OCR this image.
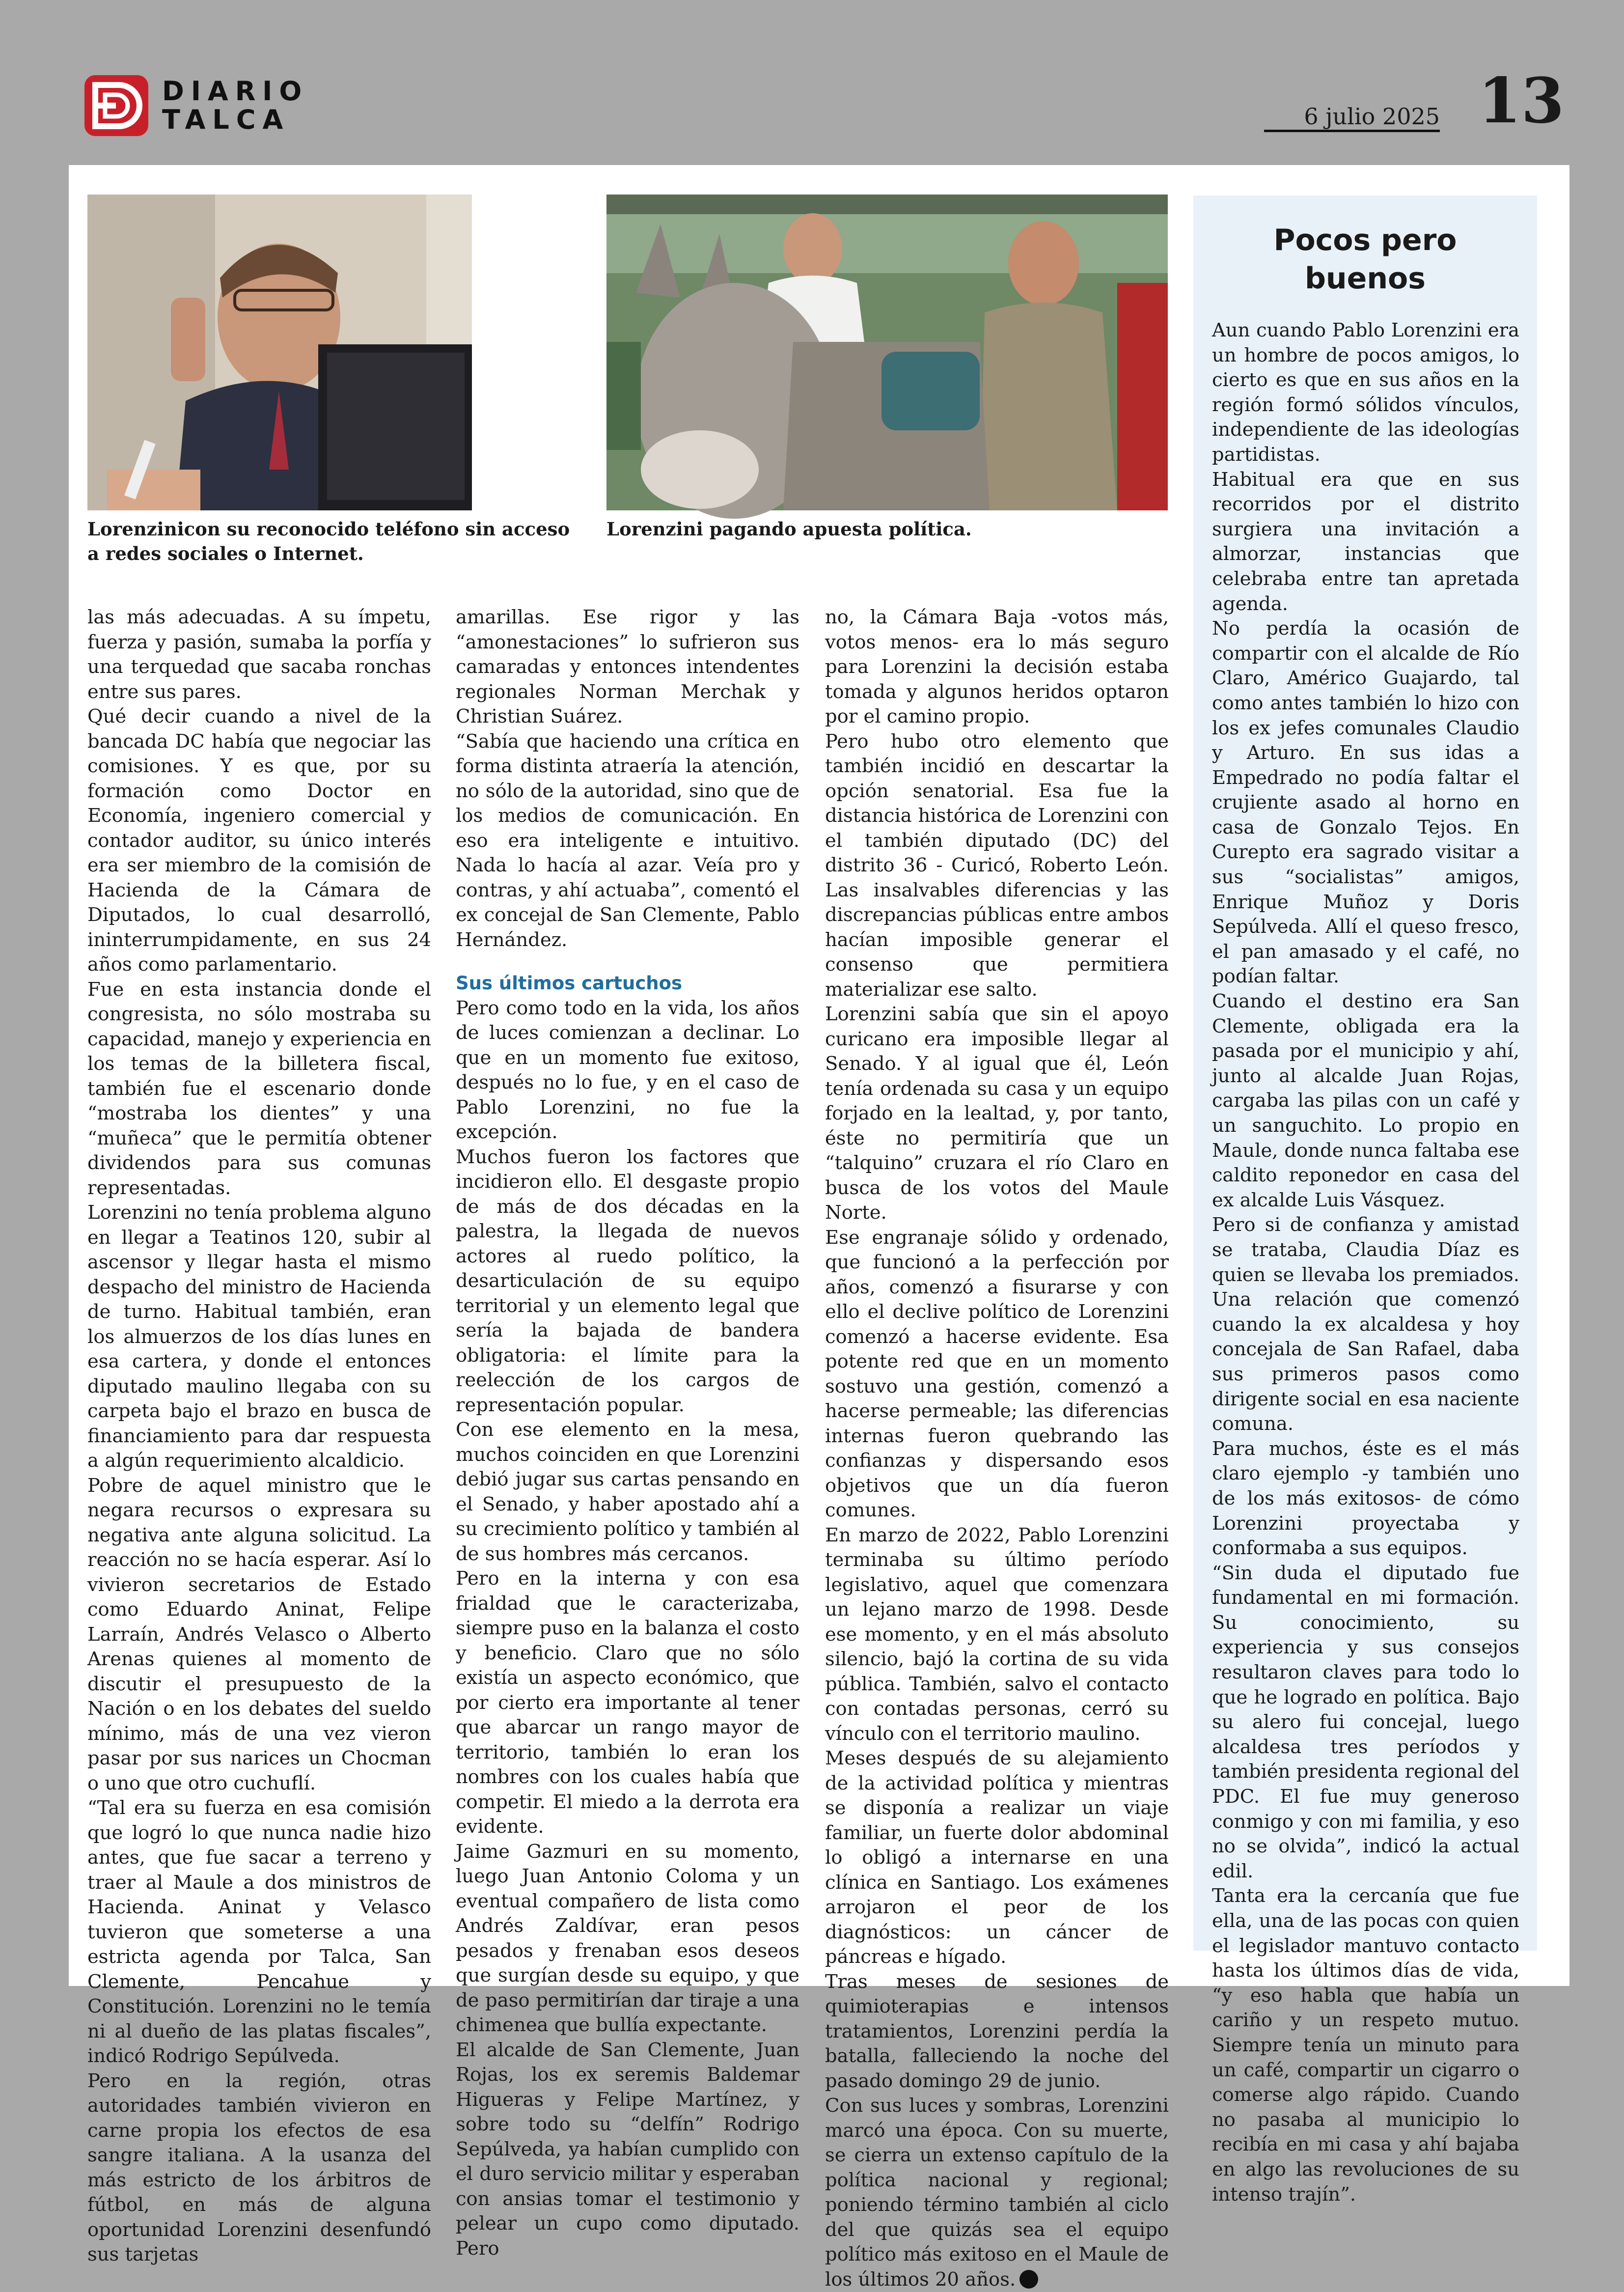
DIARIO
TALCA	6 julio 2025 13
Lorenzinicon su reconocido teléfono sin acceso a redes sociales o Internet.
Lorenzini pagando apuesta política.

las más adecuadas. A su ímpetu, fuerza y pasión, sumaba la porfía y una terquedad que sacaba ronchas entre sus pares.

Qué decir cuando a nivel de la bancada DC había que negociar las comisiones. Y es que, por su formación como Doctor en Economía, ingeniero comercial y contador auditor, su único interés era ser miembro de la comisión de Hacienda de la Cámara de Diputados, lo cual desarrolló, ininterrumpidamente, en sus 24 años como parlamentario.

Fue en esta instancia donde el congresista, no sólo mostraba su capacidad, manejo y experiencia en los temas de la billetera fiscal, también fue el escenario donde “mostraba los dientes” y una “muñeca” que le permitía obtener dividendos para sus comunas representadas.

Lorenzini no tenía problema alguno en llegar a Teatinos 120, subir al ascensor y llegar hasta el mismo despacho del ministro de Hacienda de turno. Habitual también, eran los almuerzos de los días lunes en esa cartera, y donde el entonces diputado maulino llegaba con su carpeta bajo el brazo en busca de financiamiento para dar respuesta a algún requerimiento alcaldicio.

Pobre de aquel ministro que le negara recursos o expresara su negativa ante alguna solicitud. La reacción no se hacía esperar. Así lo vivieron secretarios de Estado como Eduardo Aninat, Felipe Larraín, Andrés Velasco o Alberto Arenas quienes al momento de discutir el presupuesto de la Nación o en los debates del sueldo mínimo, más de una vez vieron pasar por sus narices un Chocman o uno que otro cuchuflí.

“Tal era su fuerza en esa comisión que logró lo que nunca nadie hizo antes, que fue sacar a terreno y traer al Maule a dos ministros de Hacienda. Aninat y Velasco tuvieron que someterse a una estricta agenda por Talca, San Clemente, Pencahue y Constitución. Lorenzini no le temía ni al dueño de las platas fiscales”, indicó Rodrigo Sepúlveda.

Pero en la región, otras autoridades también vivieron en carne propia los efectos de esa sangre italiana. A la usanza del más estricto de los árbitros de fútbol, en más de alguna oportunidad Lorenzini desenfundó sus tarjetas

amarillas. Ese rigor y las “amonestaciones” lo sufrieron sus camaradas y entonces intendentes regionales Norman Merchak y Christian Suárez.

“Sabía que haciendo una crítica en forma distinta atraería la atención, no sólo de la autoridad, sino que de los medios de comunicación. En eso era inteligente e intuitivo. Nada lo hacía al azar. Veía pro y contras, y ahí actuaba”, comentó el ex concejal de San Clemente, Pablo Hernández.

Sus últimos cartuchos

Pero como todo en la vida, los años de luces comienzan a declinar. Lo que en un momento fue exitoso, después no lo fue, y en el caso de Pablo Lorenzini, no fue la excepción.

Muchos fueron los factores que incidieron ello. El desgaste propio de más de dos décadas en la palestra, la llegada de nuevos actores al ruedo político, la desarticulación de su equipo territorial y un elemento legal que sería la bajada de bandera obligatoria: el límite para la reelección de los cargos de representación popular.

Con ese elemento en la mesa, muchos coinciden en que Lorenzini debió jugar sus cartas pensando en el Senado, y haber apostado ahí a su crecimiento político y también al de sus hombres más cercanos.

Pero en la interna y con esa frialdad que le caracterizaba, siempre puso en la balanza el costo y beneficio. Claro que no sólo existía un aspecto económico, que por cierto era importante al tener que abarcar un rango mayor de territorio, también lo eran los nombres con los cuales había que competir. El miedo a la derrota era evidente.

Jaime Gazmuri en su momento, luego Juan Antonio Coloma y un eventual compañero de lista como Andrés Zaldívar, eran pesos pesados y frenaban esos deseos que surgían desde su equipo, y que de paso permitirían dar tiraje a una chimenea que bullía expectante.

El alcalde de San Clemente, Juan Rojas, los ex seremis Baldemar Higueras y Felipe Martínez, y sobre todo su “delfín” Rodrigo Sepúlveda, ya habían cumplido con el duro servicio militar y esperaban con ansias tomar el testimonio y pelear un cupo como diputado. Pero

no, la Cámara Baja -votos más, votos menos- era lo más seguro para Lorenzini la decisión estaba tomada y algunos heridos optaron por el camino propio.

Pero hubo otro elemento que también incidió en descartar la opción senatorial. Esa fue la distancia histórica de Lorenzini con el también diputado (DC) del distrito 36 - Curicó, Roberto León. Las insalvables diferencias y las discrepancias públicas entre ambos hacían imposible generar el consenso que permitiera materializar ese salto.

Lorenzini sabía que sin el apoyo curicano era imposible llegar al Senado. Y al igual que él, León tenía ordenada su casa y un equipo forjado en la lealtad, y, por tanto, éste no permitiría que un “talquino” cruzara el río Claro en busca de los votos del Maule Norte.

Ese engranaje sólido y ordenado, que funcionó a la perfección por años, comenzó a fisurarse y con ello el declive político de Lorenzini comenzó a hacerse evidente. Esa potente red que en un momento sostuvo una gestión, comenzó a hacerse permeable; las diferencias internas fueron quebrando las confianzas y dispersando esos objetivos que un día fueron comunes.

En marzo de 2022, Pablo Lorenzini terminaba su último período legislativo, aquel que comenzara un lejano marzo de 1998. Desde ese momento, y en el más absoluto silencio, bajó la cortina de su vida pública. También, salvo el contacto con contadas personas, cerró su vínculo con el territorio maulino.

Meses después de su alejamiento de la actividad política y mientras se disponía a realizar un viaje familiar, un fuerte dolor abdominal lo obligó a internarse en una clínica en Santiago. Los exámenes arrojaron el peor de los diagnósticos: un cáncer de páncreas e hígado.

Tras meses de sesiones de quimioterapias e intensos tratamientos, Lorenzini perdía la batalla, falleciendo la noche del pasado domingo 29 de junio.

Con sus luces y sombras, Lorenzini marcó una época. Con su muerte, se cierra un extenso capítulo de la política nacional y regional; poniendo término también al ciclo del que quizás sea el equipo político más exitoso en el Maule de los últimos 20 años.

Pocos pero
buenos

Aun cuando Pablo Lorenzini era un hombre de pocos amigos, lo cierto es que en sus años en la región formó sólidos vínculos, independiente de las ideologías partidistas.

Habitual era que en sus recorridos por el distrito surgiera una invitación a almorzar, instancias que celebraba entre tan apretada agenda.

No perdía la ocasión de compartir con el alcalde de Río Claro, Américo Guajardo, tal como antes también lo hizo con los ex jefes comunales Claudio y Arturo. En sus idas a Empedrado no podía faltar el crujiente asado al horno en casa de Gonzalo Tejos. En Curepto era sagrado visitar a sus “socialistas” amigos, Enrique Muñoz y Doris Sepúlveda. Allí el queso fresco, el pan amasado y el café, no podían faltar.

Cuando el destino era San Clemente, obligada era la pasada por el municipio y ahí, junto al alcalde Juan Rojas, cargaba las pilas con un café y un sanguchito. Lo propio en Maule, donde nunca faltaba ese caldito reponedor en casa del ex alcalde Luis Vásquez.

Pero si de confianza y amistad se trataba, Claudia Díaz es quien se llevaba los premiados. Una relación que comenzó cuando la ex alcaldesa y hoy concejala de San Rafael, daba sus primeros pasos como dirigente social en esa naciente comuna.

Para muchos, éste es el más claro ejemplo -y también uno de los más exitosos- de cómo Lorenzini proyectaba y conformaba a sus equipos.

“Sin duda el diputado fue fundamental en mi formación. Su conocimiento, su experiencia y sus consejos resultaron claves para todo lo que he logrado en política. Bajo su alero fui concejal, luego alcaldesa tres períodos y también presidenta regional del PDC. El fue muy generoso conmigo y con mi familia, y eso no se olvida”, indicó la actual edil.

Tanta era la cercanía que fue ella, una de las pocas con quien el legislador mantuvo contacto hasta los últimos días de vida, “y eso habla que había un cariño y un respeto mutuo. Siempre tenía un minuto para un café, compartir un cigarro o comerse algo rápido. Cuando no pasaba al municipio lo recibía en mi casa y ahí bajaba en algo las revoluciones de su intenso trajín”.
